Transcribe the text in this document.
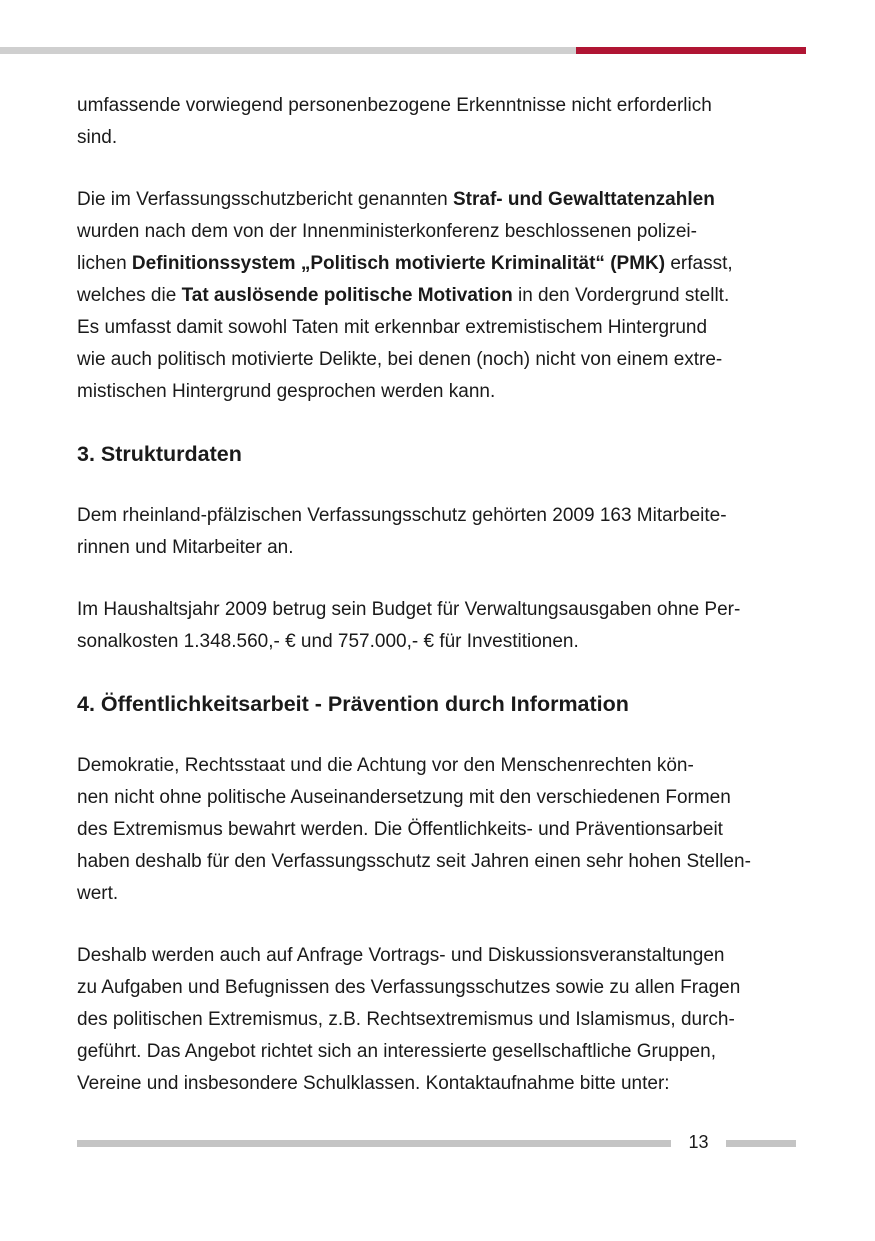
umfassende vorwiegend personenbezogene Erkenntnisse nicht erforderlich
sind.

Die im Verfassungsschutzbericht genannten Straf- und Gewalttatenzahlen
wurden nach dem von der Innenministerkonferenz beschlossenen polizei-
lichen Definitionssystem „Politisch motivierte Kriminalität“ (PMK) erfasst,
welches die Tat auslösende politische Motivation in den Vordergrund stellt.
Es umfasst damit sowohl Taten mit erkennbar extremistischem Hintergrund
wie auch politisch motivierte Delikte, bei denen (noch) nicht von einem extre-
mistischen Hintergrund gesprochen werden kann.

3. Strukturdaten

Dem rheinland-pfälzischen Verfassungsschutz gehörten 2009 163 Mitarbeite-
rinnen und Mitarbeiter an.

Im Haushaltsjahr 2009 betrug sein Budget für Verwaltungsausgaben ohne Per-
sonalkosten 1.348.560,- € und 757.000,- € für Investitionen.

4. Öffentlichkeitsarbeit - Prävention durch Information

Demokratie, Rechtsstaat und die Achtung vor den Menschenrechten kön-
nen nicht ohne politische Auseinandersetzung mit den verschiedenen Formen
des Extremismus bewahrt werden. Die Öffentlichkeits- und Präventionsarbeit
haben deshalb für den Verfassungsschutz seit Jahren einen sehr hohen Stellen-
wert.

Deshalb werden auch auf Anfrage Vortrags- und Diskussionsveranstaltungen
zu Aufgaben und Befugnissen des Verfassungsschutzes sowie zu allen Fragen
des politischen Extremismus, z.B. Rechtsextremismus und Islamismus, durch-
geführt. Das Angebot richtet sich an interessierte gesellschaftliche Gruppen,
Vereine und insbesondere Schulklassen. Kontaktaufnahme bitte unter:

13
